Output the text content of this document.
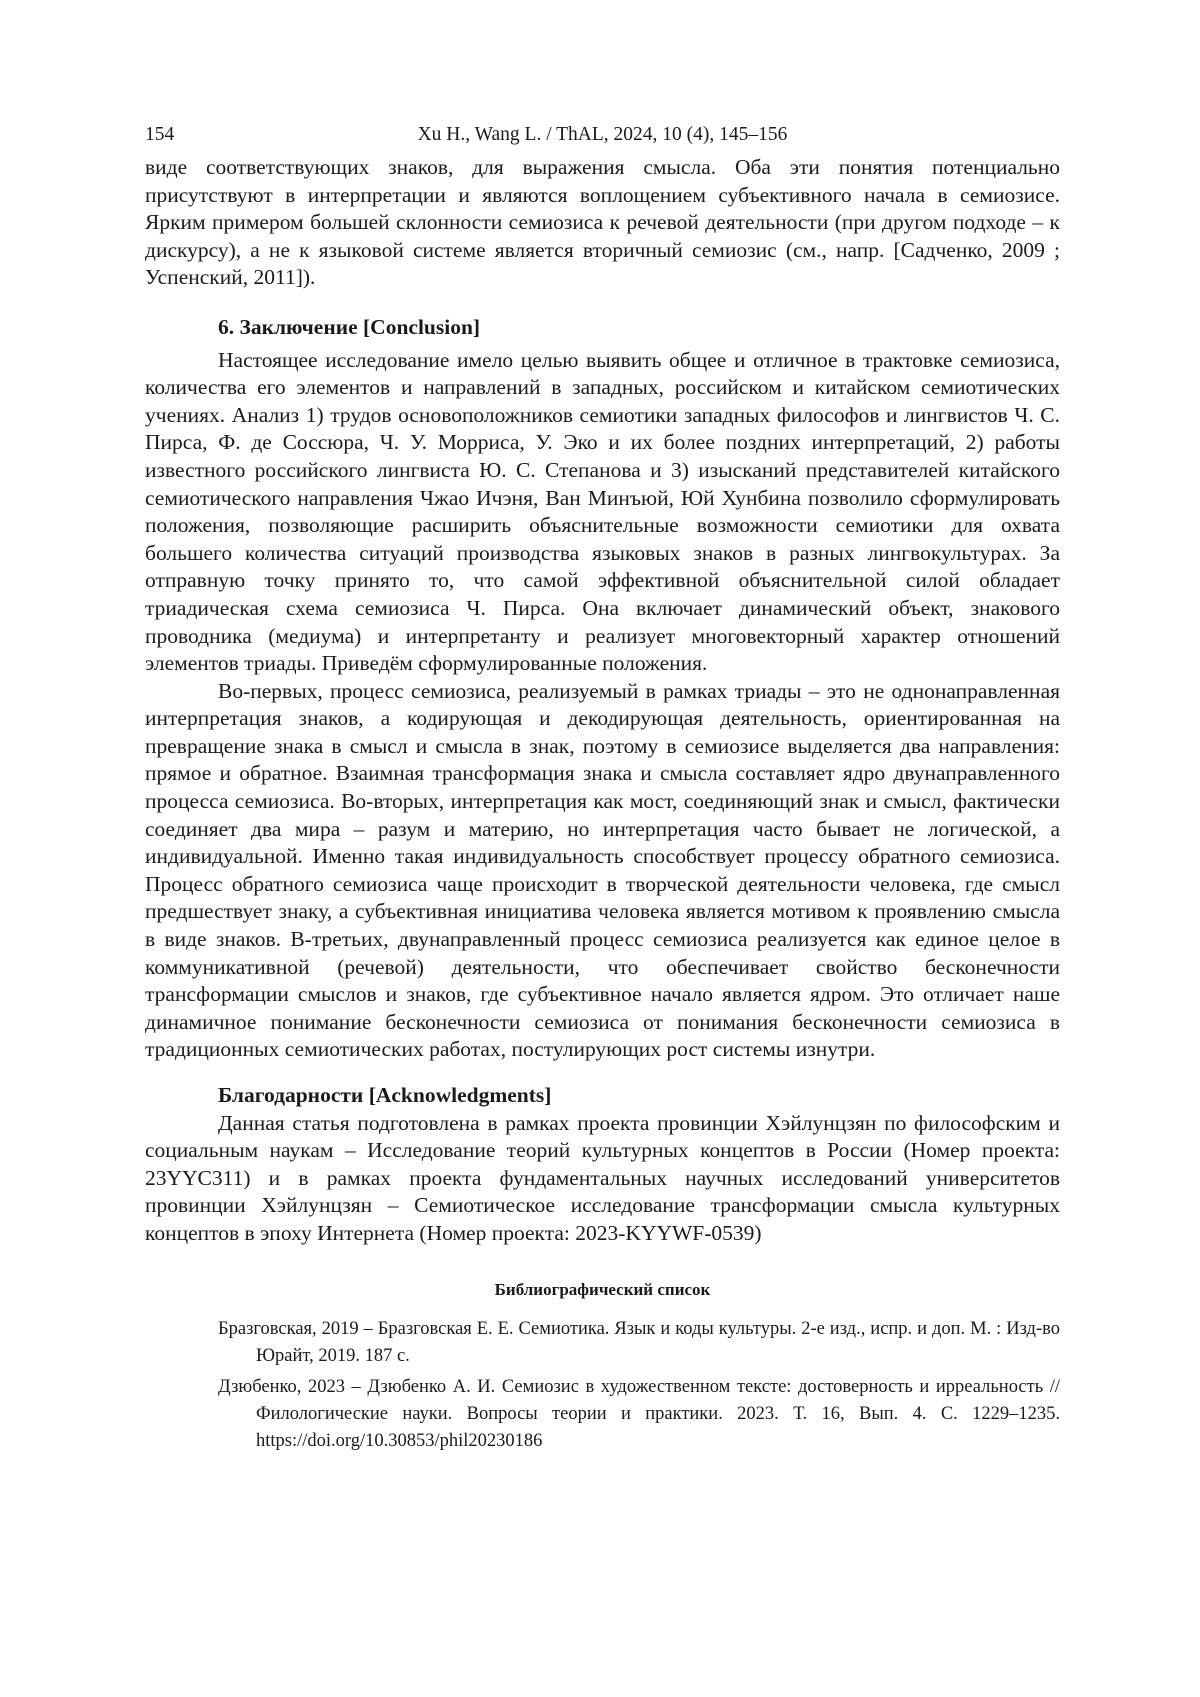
154	Xu H., Wang L. / ThAL, 2024, 10 (4), 145–156

виде соответствующих знаков, для выражения смысла. Оба эти понятия потенциально присутствуют в интерпретации и являются воплощением субъективного начала в семиозисе. Ярким примером большей склонности семиозиса к речевой деятельности (при другом подходе – к дискурсу), а не к языковой системе является вторичный семиозис (см., напр. [Садченко, 2009 ; Успенский, 2011]).

6. Заключение [Conclusion]

Настоящее исследование имело целью выявить общее и отличное в трактовке семиозиса, количества его элементов и направлений в западных, российском и китайском семиотических учениях. Анализ 1) трудов основоположников семиотики западных философов и лингвистов Ч. С. Пирса, Ф. де Соссюра, Ч. У. Морриса, У. Эко и их более поздних интерпретаций, 2) работы известного российского лингвиста Ю. С. Степанова и 3) изысканий представителей китайского семиотического направления Чжао Ичэня, Ван Минъюй, Юй Хунбина позволило сформулировать положения, позволяющие расширить объяснительные возможности семиотики для охвата большего количества ситуаций производства языковых знаков в разных лингвокультурах. За отправную точку принято то, что самой эффективной объяснительной силой обладает триадическая схема семиозиса Ч. Пирса. Она включает динамический объект, знакового проводника (медиума) и интерпретанту и реализует многовекторный характер отношений элементов триады. Приведём сформулированные положения.

Во-первых, процесс семиозиса, реализуемый в рамках триады – это не однонаправленная интерпретация знаков, а кодирующая и декодирующая деятельность, ориентированная на превращение знака в смысл и смысла в знак, поэтому в семиозисе выделяется два направления: прямое и обратное. Взаимная трансформация знака и смысла составляет ядро двунаправленного процесса семиозиса. Во-вторых, интерпретация как мост, соединяющий знак и смысл, фактически соединяет два мира – разум и материю, но интерпретация часто бывает не логической, а индивидуальной. Именно такая индивидуальность способствует процессу обратного семиозиса. Процесс обратного семиозиса чаще происходит в творческой деятельности человека, где смысл предшествует знаку, а субъективная инициатива человека является мотивом к проявлению смысла в виде знаков. В-третьих, двунаправленный процесс семиозиса реализуется как единое целое в коммуникативной (речевой) деятельности, что обеспечивает свойство бесконечности трансформации смыслов и знаков, где субъективное начало является ядром. Это отличает наше динамичное понимание бесконечности семиозиса от понимания бесконечности семиозиса в традиционных семиотических работах, постулирующих рост системы изнутри.

Благодарности [Acknowledgments]

Данная статья подготовлена в рамках проекта провинции Хэйлунцзян по философским и социальным наукам – Исследование теорий культурных концептов в России (Номер проекта: 23YYC311) и в рамках проекта фундаментальных научных исследований университетов провинции Хэйлунцзян – Семиотическое исследование трансформации смысла культурных концептов в эпоху Интернета (Номер проекта: 2023-KYYWF-0539)

Библиографический список

Бразговская, 2019 – Бразговская Е. Е. Семиотика. Язык и коды культуры. 2-е изд., испр. и доп. М. : Изд-во Юрайт, 2019. 187 с.

Дзюбенко, 2023 – Дзюбенко А. И. Семиозис в художественном тексте: достоверность и ирреальность // Филологические науки. Вопросы теории и практики. 2023. Т. 16, Вып. 4. С. 1229–1235. https://doi.org/10.30853/phil20230186
